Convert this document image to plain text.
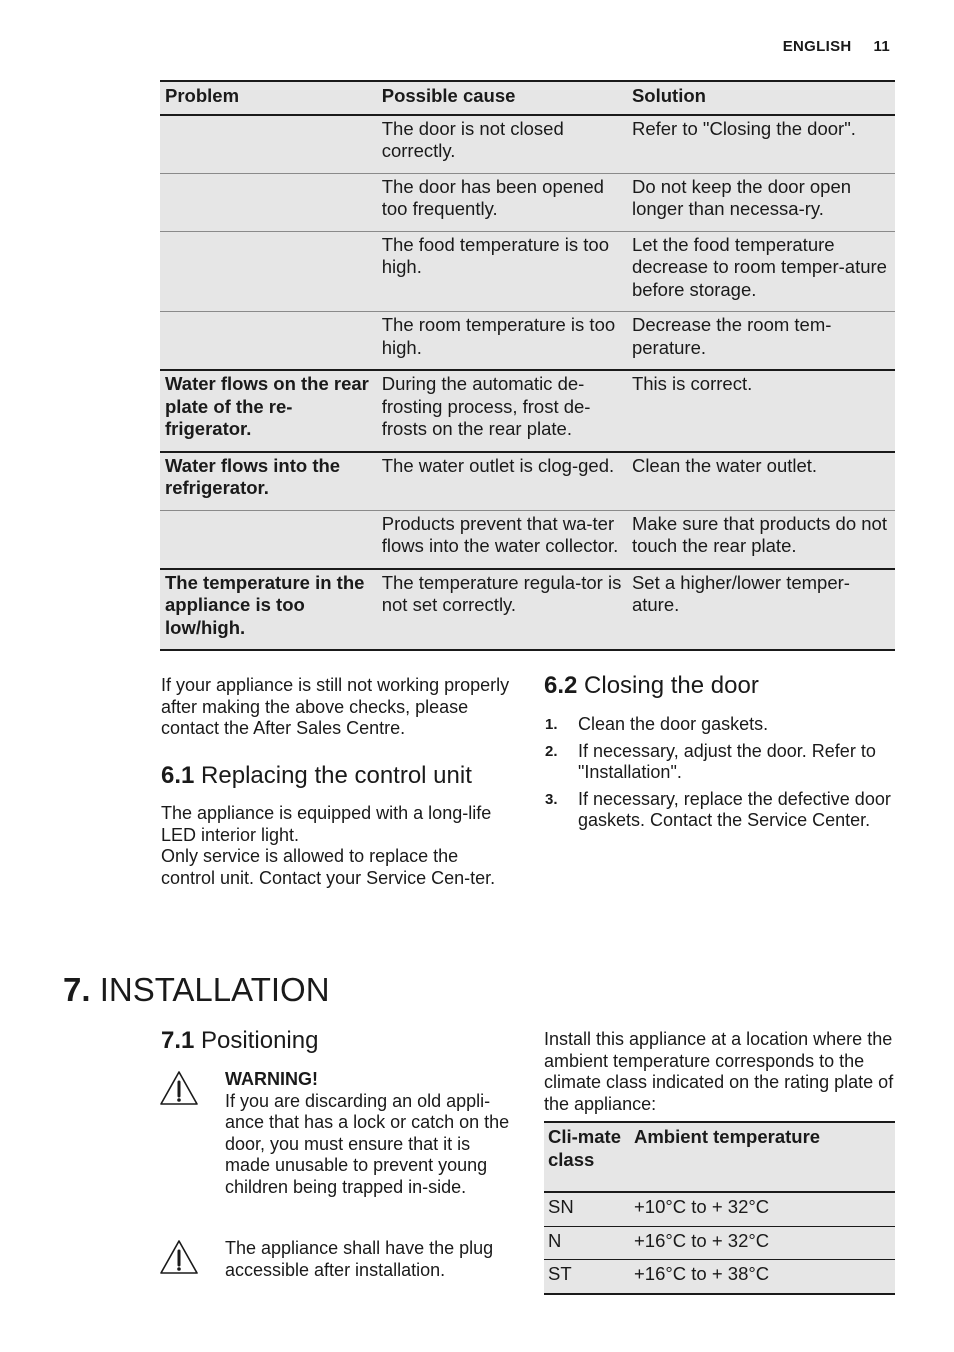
ENGLISH 11
Problem	Possible cause	Solution
	The door is not closed correctly.	Refer to "Closing the door".
	The door has been opened too frequently.	Do not keep the door open longer than necessa-ry.
	The food temperature is too high.	Let the food temperature decrease to room temper-ature before storage.
	The room temperature is too high.	Decrease the room tem-perature.
Water flows on the rear plate of the re-frigerator.	During the automatic de-frosting process, frost de-frosts on the rear plate.	This is correct.
Water flows into the refrigerator.	The water outlet is clog-ged.	Clean the water outlet.
	Products prevent that wa-ter flows into the water collector.	Make sure that products do not touch the rear plate.
The temperature in the appliance is too low/high.	The temperature regula-tor is not set correctly.	Set a higher/lower temper-ature.
If your appliance is still not working properly after making the above checks, please contact the After Sales Centre.
6.1 Replacing the control unit
The appliance is equipped with a long-life LED interior light.
Only service is allowed to replace the control unit. Contact your Service Cen-ter.
6.2 Closing the door
1. Clean the door gaskets.
2. If necessary, adjust the door. Refer to "Installation".
3. If necessary, replace the defective door gaskets. Contact the Service Center.
7. INSTALLATION
7.1 Positioning
WARNING!
If you are discarding an old appli-ance that has a lock or catch on the door, you must ensure that it is made unusable to prevent young children being trapped in-side.
The appliance shall have the plug accessible after installation.
Install this appliance at a location where the ambient temperature corresponds to the climate class indicated on the rating plate of the appliance:
Cli-mate class	Ambient temperature
SN	+10°C to + 32°C
N	+16°C to + 32°C
ST	+16°C to + 38°C
